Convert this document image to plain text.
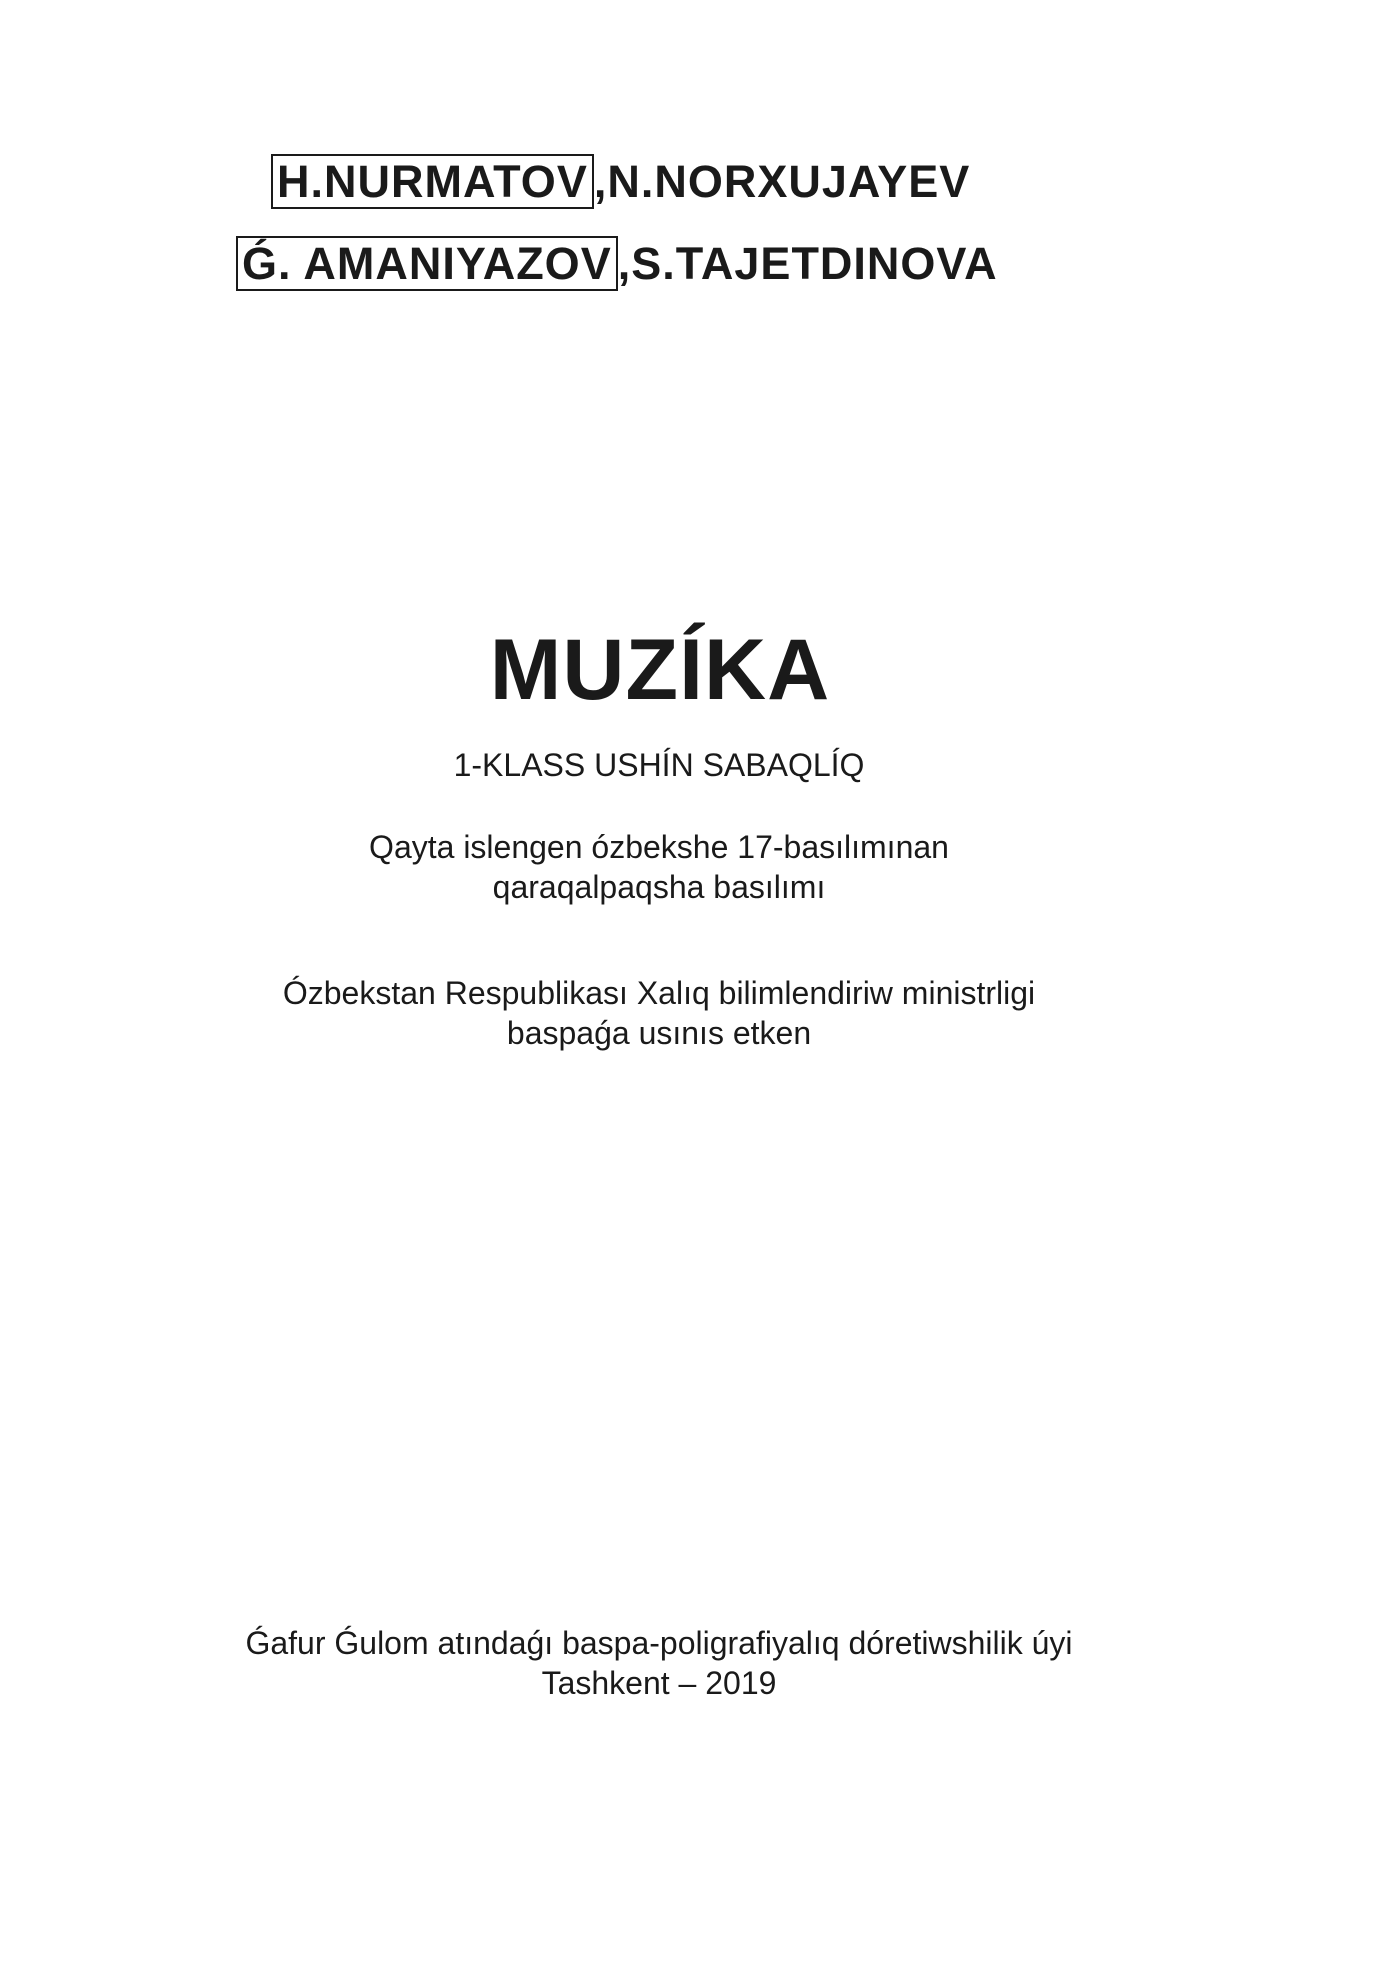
H.NURMATOV ,N.NORXUJAYEV
Ǵ. AMANIYAZOV ,S.TAJETDINOVA
MUZÍKA
1-KLASS USHÍN SABAQLÍQ
Qayta islengen ózbekshe 17-basılımınan
qaraqalpaqsha basılımı
Ózbekstan Respublikası Xalıq bilimlendiriw ministrligi
baspaǵa usınıs etken
Ǵafur Ǵulom atındaǵı baspa-poligrafiyalıq dóretiwshilik úyi
Tashkent – 2019
